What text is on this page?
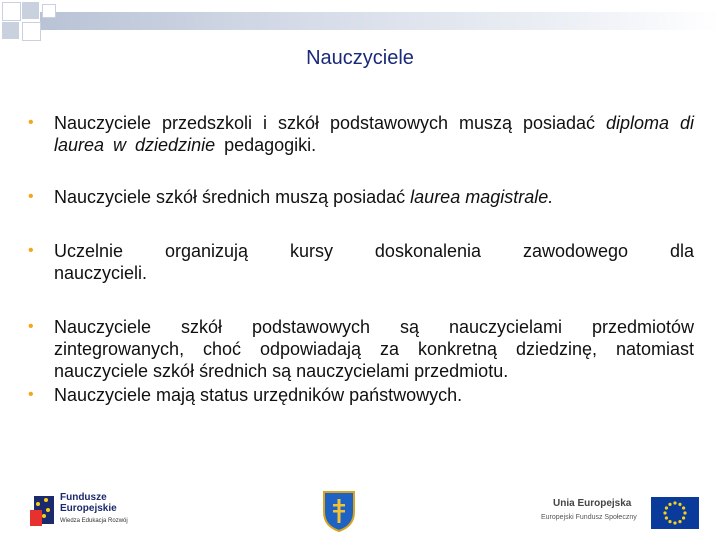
Nauczyciele
• Nauczyciele przedszkoli i szkół podstawowych muszą posiadać diploma di laurea w dziedzinie pedagogiki.
• Nauczyciele szkół średnich muszą posiadać laurea magistrale.
• Uczelnie organizują kursy doskonalenia zawodowego dla
nauczycieli.
• Nauczyciele szkół podstawowych są nauczycielami przedmiotów zintegrowanych, choć odpowiadają za konkretną dziedzinę, natomiast nauczyciele szkół średnich są nauczycielami przedmiotu.
• Nauczyciele mają status urzędników państwowych.
Fundusze
Europejskie
Wiedza Edukacja Rozwój
Unia Europejska
Europejski Fundusz Społeczny
